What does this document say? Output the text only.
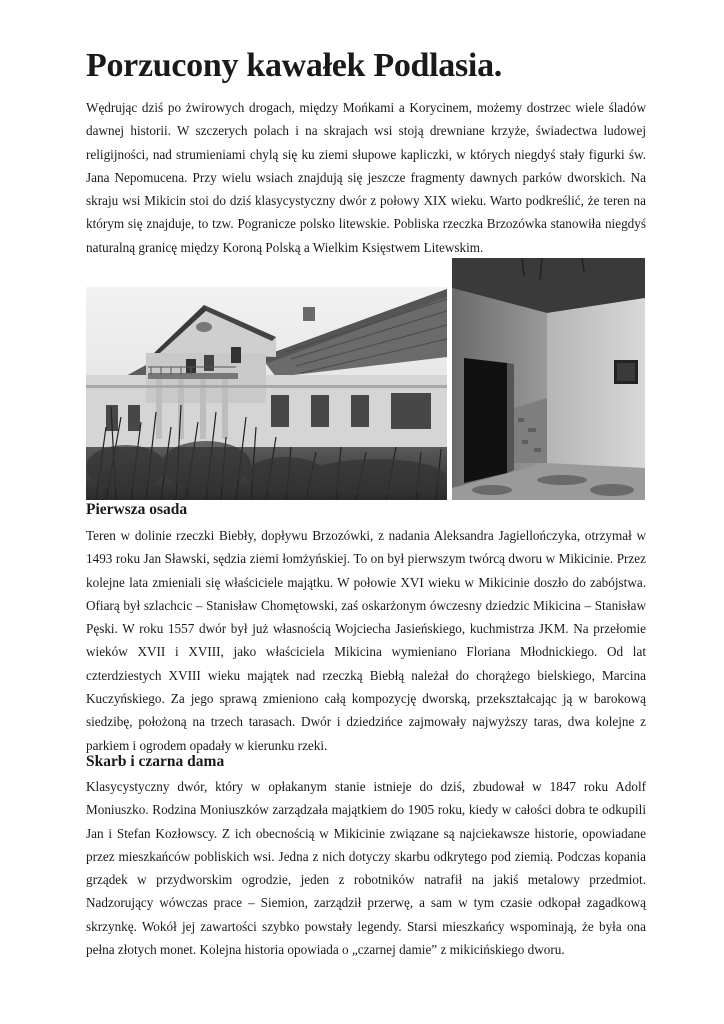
Porzucony kawałek Podlasia.

Wędrując dziś po żwirowych drogach, między Mońkami a Korycinem, możemy dostrzec wiele śladów dawnej historii. W szczerych polach i na skrajach wsi stoją drewniane krzyże, świadectwa ludowej religijności, nad strumieniami chylą się ku ziemi słupowe kapliczki, w których niegdyś stały figurki św. Jana Nepomucena. Przy wielu wsiach znajdują się jeszcze fragmenty dawnych parków dworskich. Na skraju wsi Mikicin stoi do dziś klasycystyczny dwór z połowy XIX wieku. Warto podkreślić, że teren na którym się znajduje, to tzw. Pogranicze polsko litewskie. Pobliska rzeczka Brzozówka stanowiła niegdyś naturalną granicę między Koroną Polską a Wielkim Księstwem Litewskim.

Pierwsza osada

Teren w dolinie rzeczki Biebły, dopływu Brzozówki, z nadania Aleksandra Jagiellończyka, otrzymał w 1493 roku Jan Sławski, sędzia ziemi łomżyńskiej. To on był pierwszym twórcą dworu w Mikicinie. Przez kolejne lata zmieniali się właściciele majątku. W połowie XVI wieku w Mikicinie doszło do zabójstwa. Ofiarą był szlachcic – Stanisław Chomętowski, zaś oskarżonym ówczesny dziedzic Mikicina – Stanisław Pęski. W roku 1557 dwór był już własnością Wojciecha Jasieńskiego, kuchmistrza JKM. Na przełomie wieków XVII i XVIII, jako właściciela Mikicina wymieniano Floriana Młodnickiego. Od lat czterdziestych XVIII wieku majątek nad rzeczką Biebłą należał do chorążego bielskiego, Marcina Kuczyńskiego. Za jego sprawą zmieniono całą kompozycję dworską, przekształcając ją w barokową siedzibę, położoną na trzech tarasach. Dwór i dziedzińce zajmowały najwyższy taras, dwa kolejne z parkiem i ogrodem opadały w kierunku rzeki.

Skarb i czarna dama

Klasycystyczny dwór, który w opłakanym stanie istnieje do dziś, zbudował w 1847 roku Adolf Moniuszko. Rodzina Moniuszków zarządzała majątkiem do 1905 roku, kiedy w całości dobra te odkupili Jan i Stefan Kozłowscy. Z ich obecnością w Mikicinie związane są najciekawsze historie, opowiadane przez mieszkańców pobliskich wsi. Jedna z nich dotyczy skarbu odkrytego pod ziemią. Podczas kopania grządek w przydworskim ogrodzie, jeden z robotników natrafił na jakiś metalowy przedmiot. Nadzorujący wówczas prace – Siemion, zarządził przerwę, a sam w tym czasie odkopał zagadkową skrzynkę. Wokół jej zawartości szybko powstały legendy. Starsi mieszkańcy wspominają, że była ona pełna złotych monet. Kolejna historia opowiada o „czarnej damie” z mikicińskiego dworu.
